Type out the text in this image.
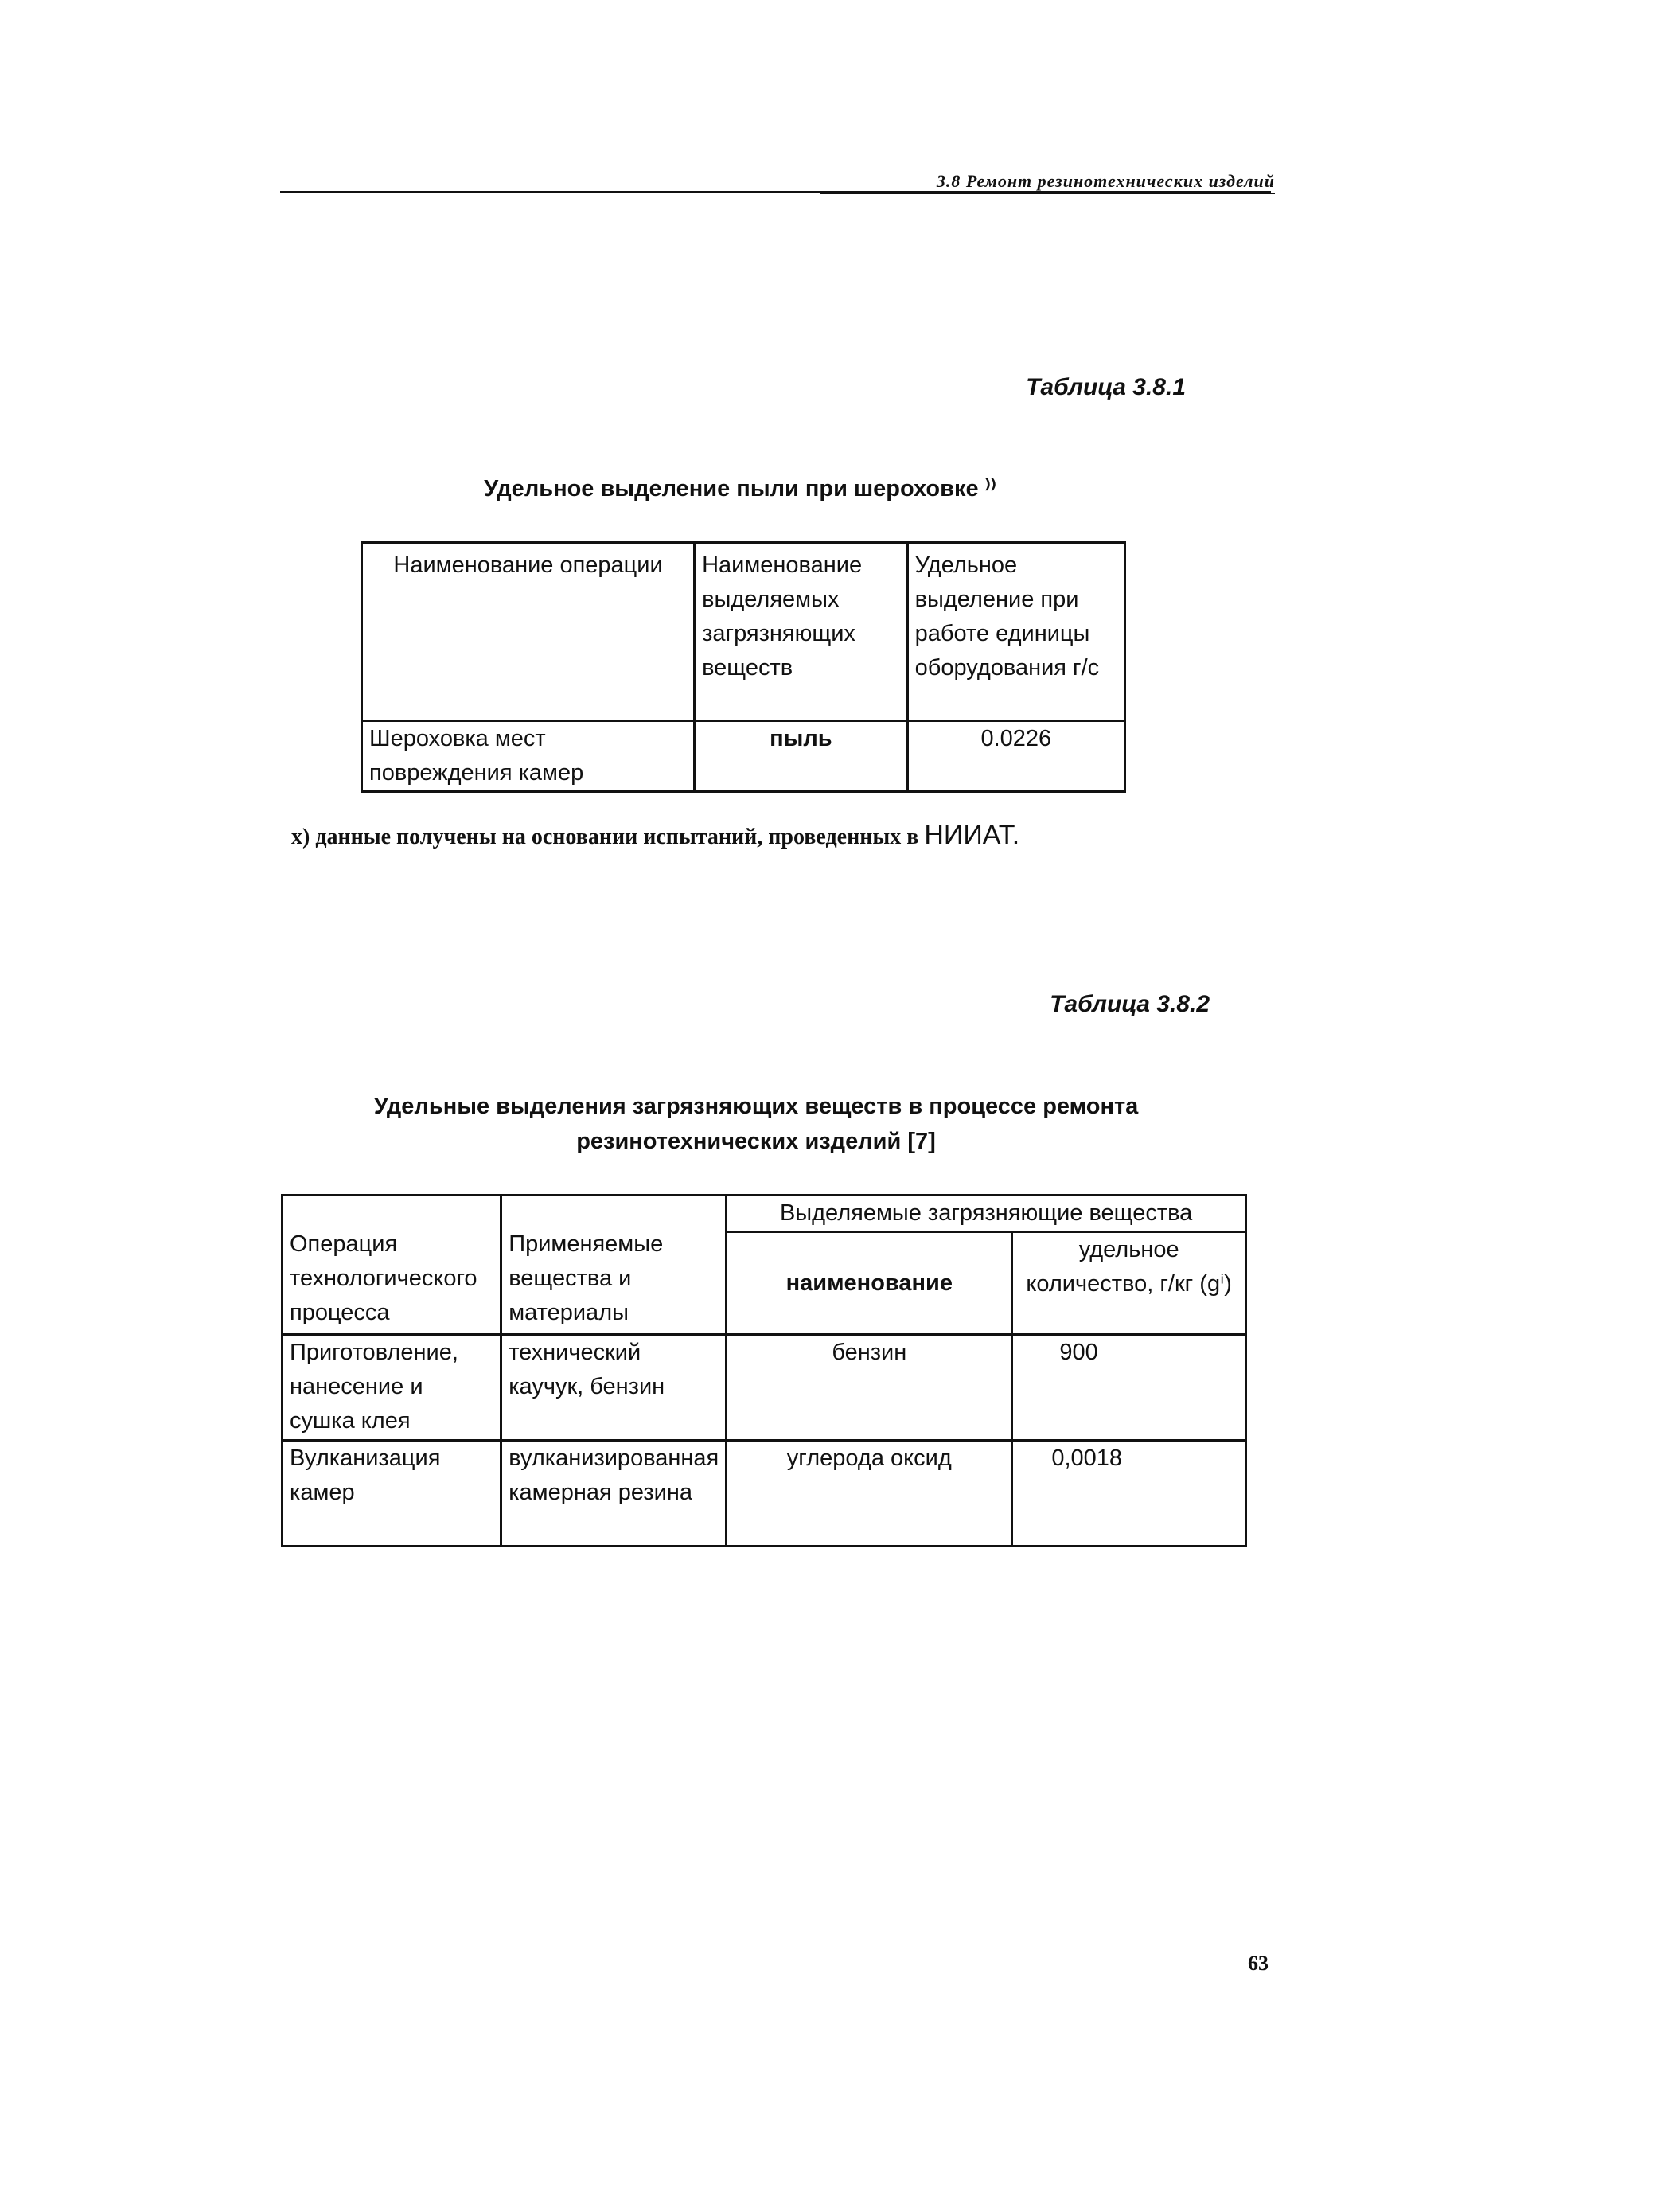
3.8 Ремонт резинотехнических изделий
Таблица 3.8.1
Удельное выделение пыли при шероховке ⁾⁾
Наименование операции	Наименование выделяемых загрязняющих веществ	Удельное выделение при работе единицы оборудования г/с
Шероховка мест повреждения камер	пыль	0.0226
х) данные получены на основании испытаний, проведенных в НИИАТ.
Таблица 3.8.2
Удельные выделения загрязняющих веществ в процессе ремонта
резинотехнических изделий [7]
Операция технологического процесса	Применяемые вещества и материалы	Выделяемые загрязняющие вещества	
		наименование	удельное количество, г/кг (gⁱ)
Приготовление, нанесение и сушка клея	технический каучук, бензин	бензин	900
Вулканизация камер	вулканизированная камерная резина	углерода оксид	0,0018
63
